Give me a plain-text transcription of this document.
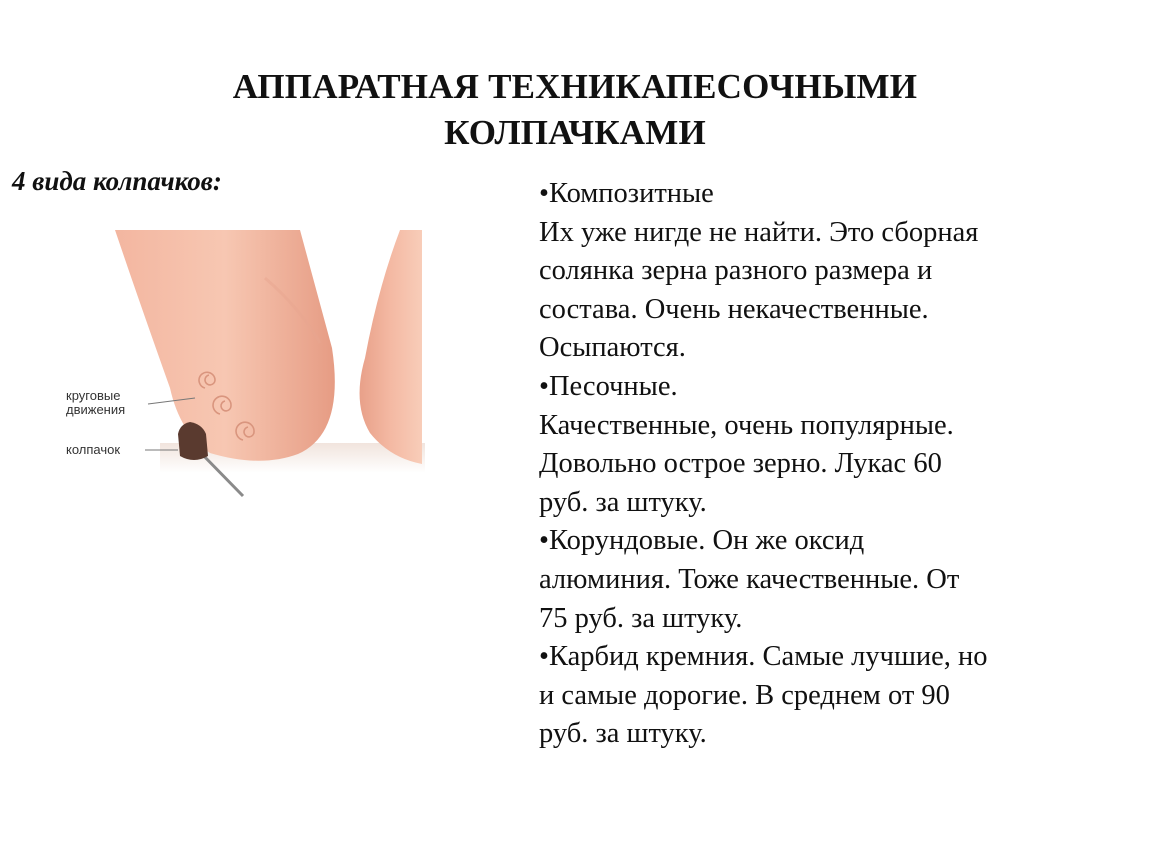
АППАРАТНАЯ ТЕХНИКАПЕСОЧНЫМИ
КОЛПАЧКАМИ
4 вида колпачков:
круговые
движения
колпачок

•Композитные

Их уже нигде не найти. Это сборная

солянка зерна разного размера и

состава. Очень некачественные.

Осыпаются.

•Песочные.

Качественные, очень популярные.

Довольно острое зерно. Лукас 60

руб. за штуку.

•Корундовые. Он же оксид

алюминия. Тоже качественные. От

75 руб. за штуку.

•Карбид кремния. Самые лучшие, но

и самые дорогие. В среднем от 90

руб. за штуку.
